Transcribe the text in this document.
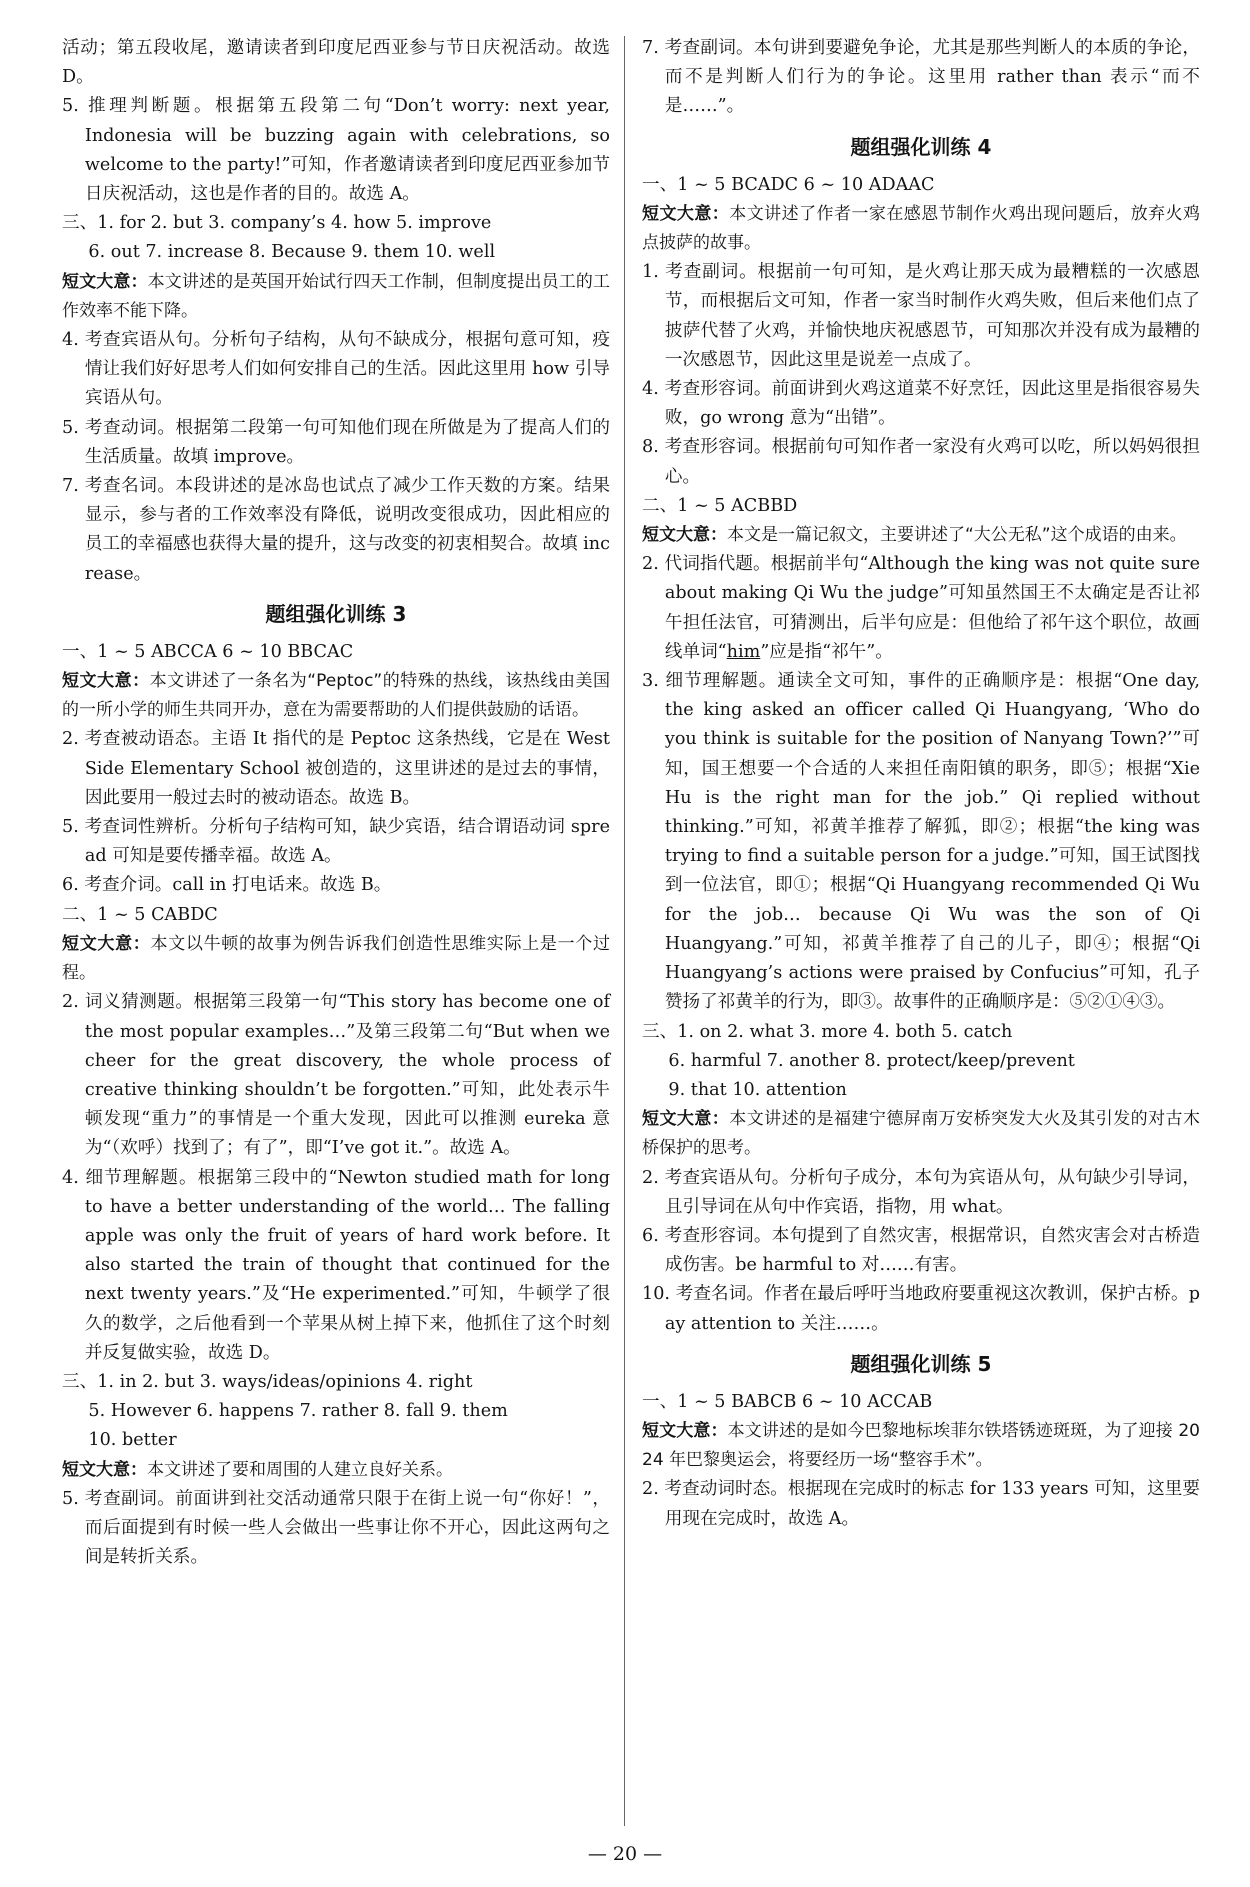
活动；第五段收尾，邀请读者到印度尼西亚参与节日庆祝活动。故选 D。

5. 推理判断题。根据第五段第二句“Don’t worry: next year, Indonesia will be buzzing again with celebrations, so welcome to the party!”可知，作者邀请读者到印度尼西亚参加节日庆祝活动，这也是作者的目的。故选 A。

三、1. for 2. but 3. company’s 4. how 5. improve

6. out 7. increase 8. Because 9. them 10. well

短文大意：本文讲述的是英国开始试行四天工作制，但制度提出员工的工作效率不能下降。

4. 考查宾语从句。分析句子结构，从句不缺成分，根据句意可知，疫情让我们好好思考人们如何安排自己的生活。因此这里用 how 引导宾语从句。

5. 考查动词。根据第二段第一句可知他们现在所做是为了提高人们的生活质量。故填 improve。

7. 考查名词。本段讲述的是冰岛也试点了减少工作天数的方案。结果显示，参与者的工作效率没有降低，说明改变很成功，因此相应的员工的幸福感也获得大量的提升，这与改变的初衷相契合。故填 increase。

题组强化训练 3

一、1 ~ 5 ABCCA 6 ~ 10 BBCAC

短文大意：本文讲述了一条名为“Peptoc”的特殊的热线，该热线由美国的一所小学的师生共同开办，意在为需要帮助的人们提供鼓励的话语。

2. 考查被动语态。主语 It 指代的是 Peptoc 这条热线，它是在 West Side Elementary School 被创造的，这里讲述的是过去的事情，因此要用一般过去时的被动语态。故选 B。

5. 考查词性辨析。分析句子结构可知，缺少宾语，结合谓语动词 spread 可知是要传播幸福。故选 A。

6. 考查介词。call in 打电话来。故选 B。

二、1 ~ 5 CABDC

短文大意：本文以牛顿的故事为例告诉我们创造性思维实际上是一个过程。

2. 词义猜测题。根据第三段第一句“This story has become one of the most popular examples…”及第三段第二句“But when we cheer for the great discovery, the whole process of creative thinking shouldn’t be forgotten.”可知，此处表示牛顿发现“重力”的事情是一个重大发现，因此可以推测 eureka 意为“（欢呼）找到了；有了”，即“I’ve got it.”。故选 A。

4. 细节理解题。根据第三段中的“Newton studied math for long to have a better understanding of the world… The falling apple was only the fruit of years of hard work before. It also started the train of thought that continued for the next twenty years.”及“He experimented.”可知，牛顿学了很久的数学，之后他看到一个苹果从树上掉下来，他抓住了这个时刻并反复做实验，故选 D。

三、1. in 2. but 3. ways/ideas/opinions 4. right

5. However 6. happens 7. rather 8. fall 9. them

10. better

短文大意：本文讲述了要和周围的人建立良好关系。

5. 考查副词。前面讲到社交活动通常只限于在街上说一句“你好！”，而后面提到有时候一些人会做出一些事让你不开心，因此这两句之间是转折关系。

7. 考查副词。本句讲到要避免争论，尤其是那些判断人的本质的争论，而不是判断人们行为的争论。这里用 rather than 表示“而不是……”。

题组强化训练 4

一、1 ~ 5 BCADC 6 ~ 10 ADAAC

短文大意：本文讲述了作者一家在感恩节制作火鸡出现问题后，放弃火鸡点披萨的故事。

1. 考查副词。根据前一句可知，是火鸡让那天成为最糟糕的一次感恩节，而根据后文可知，作者一家当时制作火鸡失败，但后来他们点了披萨代替了火鸡，并愉快地庆祝感恩节，可知那次并没有成为最糟的一次感恩节，因此这里是说差一点成了。

4. 考查形容词。前面讲到火鸡这道菜不好烹饪，因此这里是指很容易失败，go wrong 意为“出错”。

8. 考查形容词。根据前句可知作者一家没有火鸡可以吃，所以妈妈很担心。

二、1 ~ 5 ACBBD

短文大意：本文是一篇记叙文，主要讲述了“大公无私”这个成语的由来。

2. 代词指代题。根据前半句“Although the king was not quite sure about making Qi Wu the judge”可知虽然国王不太确定是否让祁午担任法官，可猜测出，后半句应是：但他给了祁午这个职位，故画线单词“him”应是指“祁午”。

3. 细节理解题。通读全文可知，事件的正确顺序是：根据“One day, the king asked an officer called Qi Huangyang, ‘Who do you think is suitable for the position of Nanyang Town?’”可知，国王想要一个合适的人来担任南阳镇的职务，即⑤；根据“Xie Hu is the right man for the job.” Qi replied without thinking.”可知，祁黄羊推荐了解狐，即②；根据“the king was trying to find a suitable person for a judge.”可知，国王试图找到一位法官，即①；根据“Qi Huangyang recommended Qi Wu for the job… because Qi Wu was the son of Qi Huangyang.”可知，祁黄羊推荐了自己的儿子，即④；根据“Qi Huangyang’s actions were praised by Confucius”可知，孔子赞扬了祁黄羊的行为，即③。故事件的正确顺序是：⑤②①④③。

三、1. on 2. what 3. more 4. both 5. catch

6. harmful 7. another 8. protect/keep/prevent

9. that 10. attention

短文大意：本文讲述的是福建宁德屏南万安桥突发大火及其引发的对古木桥保护的思考。

2. 考查宾语从句。分析句子成分，本句为宾语从句，从句缺少引导词，且引导词在从句中作宾语，指物，用 what。

6. 考查形容词。本句提到了自然灾害，根据常识，自然灾害会对古桥造成伤害。be harmful to 对……有害。

10. 考查名词。作者在最后呼吁当地政府要重视这次教训，保护古桥。pay attention to 关注……。

题组强化训练 5

一、1 ~ 5 BABCB 6 ~ 10 ACCAB

短文大意：本文讲述的是如今巴黎地标埃菲尔铁塔锈迹斑斑，为了迎接 2024 年巴黎奥运会，将要经历一场“整容手术”。

2. 考查动词时态。根据现在完成时的标志 for 133 years 可知，这里要用现在完成时，故选 A。

— 20 —
